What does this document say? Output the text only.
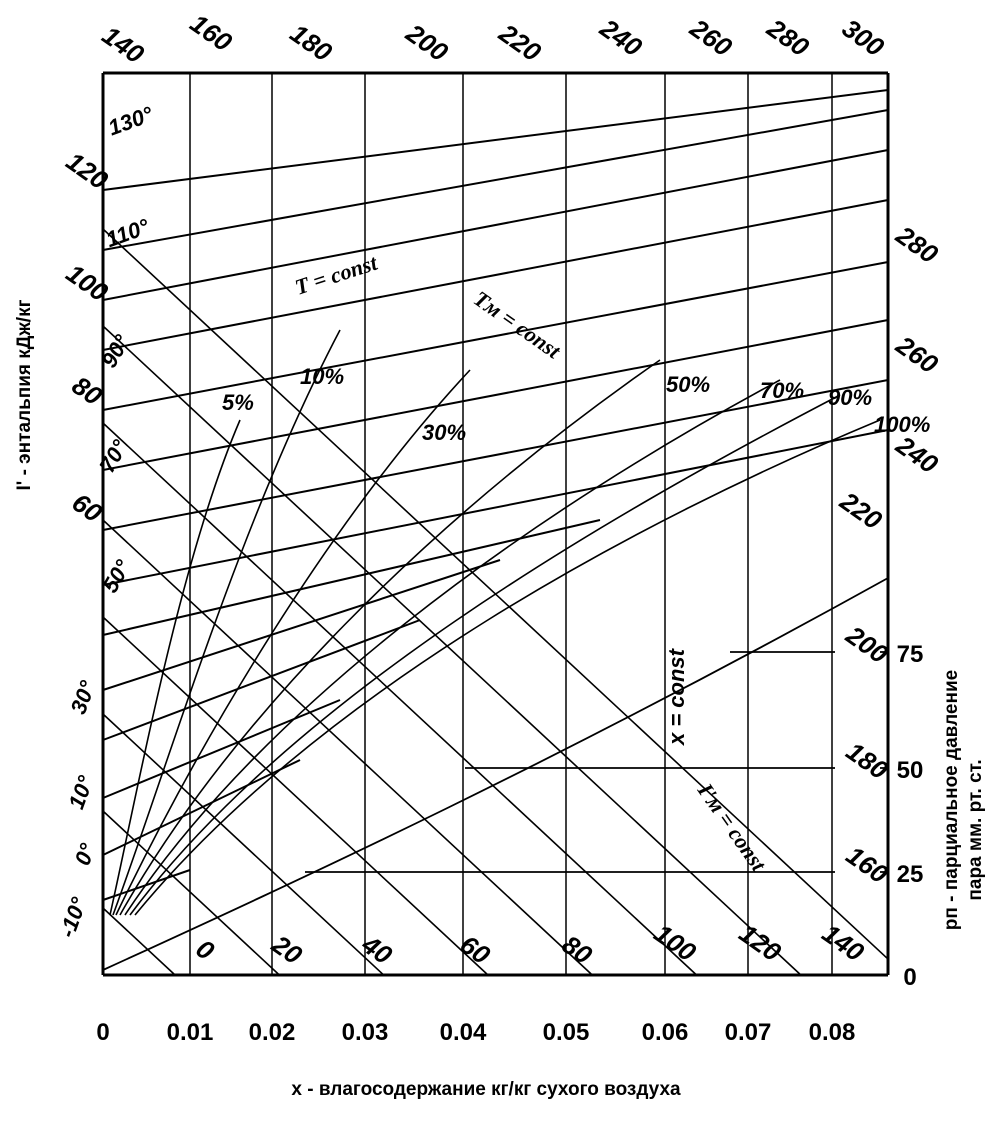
0 0.01 0.02 0.03 0.04 0.05 0.06 0.07 0.08
x - влагосодержание кг/кг сухого воздуха
I' - энтальпия кДж/кг
pп - парциальное давление пара мм. рт. ст.
140 160 180 200 220 240 260 280 300
120
100
80
60
130°
110°
90°
70°
50°
30°
10°
0°
-10°
0 20 40 60 80 100 120 140
160
180
200
280
260
240
220
0
25
50
75
5%
10%
30%
50% 70% 90%
100%
T = const
Tм = const
x = const
I'м = const
